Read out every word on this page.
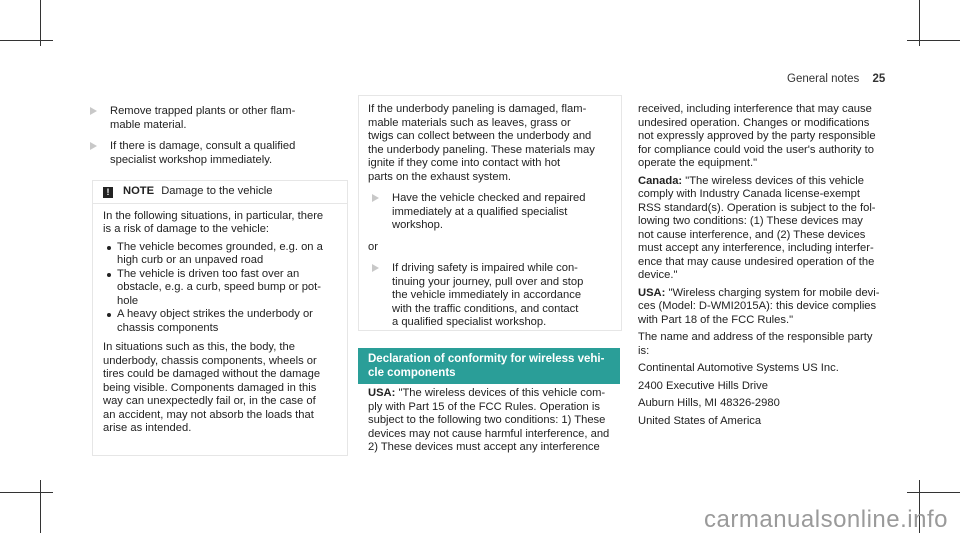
General notes 25
Remove trapped plants or other flam-
mable material.
If there is damage, consult a qualified
specialist workshop immediately.
! NOTE Damage to the vehicle

In the following situations, in particular, there
is a risk of damage to the vehicle:

The vehicle becomes grounded, e.g. on a
high curb or an unpaved road

The vehicle is driven too fast over an
obstacle, e.g. a curb, speed bump or pot-
hole

A heavy object strikes the underbody or
chassis components

In situations such as this, the body, the
underbody, chassis components, wheels or
tires could be damaged without the damage
being visible. Components damaged in this
way can unexpectedly fail or, in the case of
an accident, may not absorb the loads that
arise as intended.

If the underbody paneling is damaged, flam-
mable materials such as leaves, grass or
twigs can collect between the underbody and
the underbody paneling. These materials may
ignite if they come into contact with hot
parts on the exhaust system.

Have the vehicle checked and repaired
immediately at a qualified specialist
workshop.

or

If driving safety is impaired while con-
tinuing your journey, pull over and stop
the vehicle immediately in accordance
with the traffic conditions, and contact
a qualified specialist workshop.
Declaration of conformity for wireless vehi-
cle components

USA: "The wireless devices of this vehicle com-
ply with Part 15 of the FCC Rules. Operation is
subject to the following two conditions: 1) These
devices may not cause harmful interference, and
2) These devices must accept any interference

received, including interference that may cause
undesired operation. Changes or modifications
not expressly approved by the party responsible
for compliance could void the user's authority to
operate the equipment."

Canada: "The wireless devices of this vehicle
comply with Industry Canada license-exempt
RSS standard(s). Operation is subject to the fol-
lowing two conditions: (1) These devices may
not cause interference, and (2) These devices
must accept any interference, including interfer-
ence that may cause undesired operation of the
device."

USA: "Wireless charging system for mobile devi-
ces (Model: D-WMI2015A): this device complies
with Part 18 of the FCC Rules."

The name and address of the responsible party
is:

Continental Automotive Systems US Inc.

2400 Executive Hills Drive

Auburn Hills, MI 48326-2980

United States of America

carmanualsonline.info
